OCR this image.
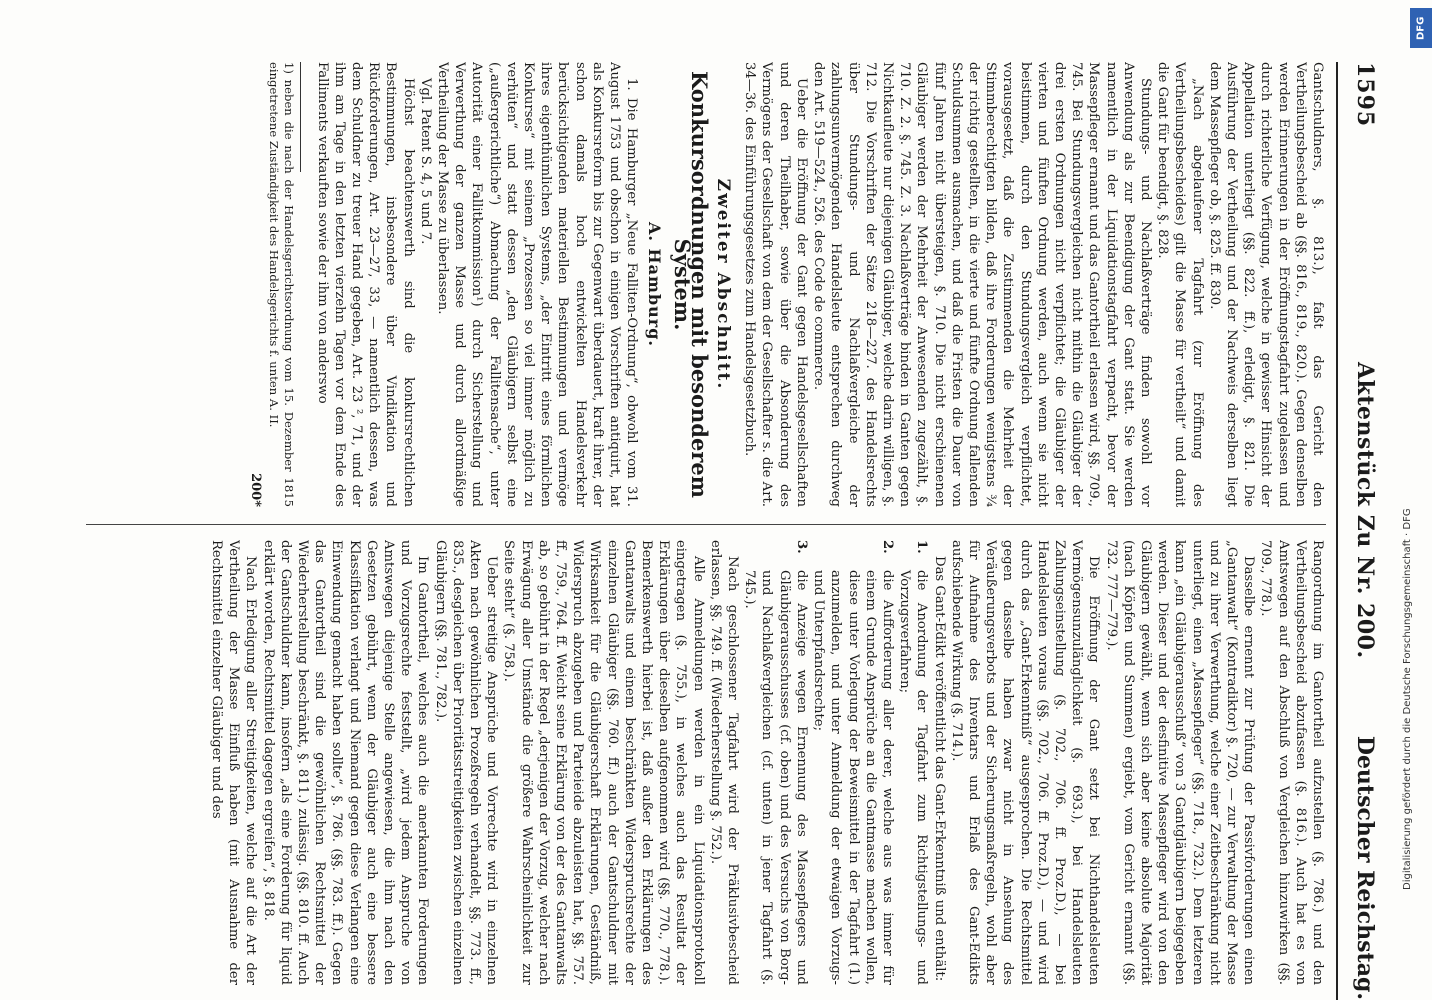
1595
Aktenstück Zu Nr. 200.
Deutscher Reichstag.

Gantschuldners, §. 813.), faßt das Gericht den Vertheilungsbescheid ab (§§. 816., 819., 820.). Gegen denselben werden Erinnerungen in der Eröffnungstagfahrt zugelassen und durch richterliche Verfügung, welche in gewisser Hinsicht der Appellation unterliegt (§§. 822. ff.), erledigt, §. 821. Die Ausführung der Vertheilung und der Nachweis derselben liegt dem Massepfleger ob, §. 825. ff. 830.

„Nach abgelaufener Tagfahrt (zur Eröffnung des Vertheilungsbescheides) gilt die Masse für vertheilt“ und damit die Gant für beendigt, §. 828.

Stundungs- und Nachlaßverträge finden sowohl vor Anwendung als zur Beendigung der Gant statt. Sie werden namentlich in der Liquidationstagfahrt verpacht, bevor der Massepfleger ernannt und das Gantortheil erlassen wird, §§. 709., 745. Bei Stundungsvergleichen nicht mithin die Gläubiger der drei ersten Ordnungen nicht verpflichtet; die Gläubiger der vierten und fünften Ordnung werden, auch wenn sie nicht beistimmen, durch den Stundungsvergleich verpflichtet, vorausgesetzt, daß die Zustimmenden die Mehrheit der Stimmberechtigten bilden, daß ihre Forderungen wenigstens ¾ der richtig gestellten, in die vierte und fünfte Ordnung fallenden Schuldsummen ausmachen, und daß die Fristen die Dauer von fünf Jahren nicht übersteigen, §. 710. Die nicht erschienenen Gläubiger werden der Mehrheit der Anwesenden zugezählt, §. 710. Z. 2. §. 745. Z. 3. Nachlaßverträge binden in Ganten gegen Nichtkaufleute nur diejenigen Gläubiger, welche darin willigen, §. 712. Die Vorschriften der Sätze 218—227. des Handelsrechts über Stundungs- und Nachlaßvergleiche der zahlungsunvermögenden Handelsleute entsprechen durchweg den Art. 519—524., 526. des Code de commerce.

Ueber die Eröffnung der Gant gegen Handelsgesellschaften und deren Theilhaber, sowie über die Absonderung des Vermögens der Gesellschaft von dem der Gesellschafter s. die Art. 34—36. des Einführungsgesetzes zum Handelsgesetzbuch.

Zweiter Abschnitt.
Konkursordnungen mit besonderem System.
A. Hamburg.

1. Die Hamburger „Neue Falliten-Ordnung“, obwohl vom 31. August 1753 und obschon in einigen Vorschriften antiquirt, hat als Konkursreform bis zur Gegenwart überdauert, kraft ihrer, der schon damals hoch entwickelten Handelsverkehr berücksichtigenden materiellen Bestimmungen und vermöge ihres eigenthümlichen Systems, „der Eintritt eines förmlichen Konkurses“ mit seinem „Prozessen so viel immer möglich zu verhüten“ und statt dessen „den Gläubigern selbst eine („außergerichtliche“) Abmachung der Fallitensache“, unter Autorität einer Fallitkommission¹) durch Sicherstellung und Verwerthung der ganzen Masse und durch allordmäßige Vertheilung der Masse zu überlassen.

Vgl. Patent S. 4, 5 und 7.

Höchst beachtenswerth sind die konkursrechtlichen Bestimmungen, insbesondere über Vindikation und Rückforderungen, Art. 23—27, 33, — namentlich dessen, was dem Schuldner zu treuer Hand gegeben, Art. 23 ², 71, und der ihm am Tage in den letzten vierzehn Tagen vor dem Ende des Falliments verkauften sowie der ihm von anderswo

1) neben die nach der Handelsgerichtsordnung vom 15. Dezember 1815 eingetretene Zuständigkeit des Handelsgerichts f. unten A. II.

200*

Rangordnung im Gantortheil aufzustellen (§. 786.) und den Vertheilungsbescheid abzufassen (§. 816.). Auch hat es von Amtswegen auf den Abschluß von Vergleichen hinzuwirken (§§. 709., 778.).

Dasselbe ernennt zur Prüfung der Passivforderungen einen „Gantanwalt“ (Kontradiktor) §. 720, — zur Verwaltung der Masse und zu ihrer Verwerthung, welche einer Zeitbeschränkung nicht unterliegt, einen „Massepfleger“ (§§. 718., 732.). Dem letzteren kann „ein Gläubigerausschuß“ von 3 Gantgläubigern beigegeben werden. Dieser und der desfinitive Massepfleger wird von den Gläubigern gewählt, wenn sich aber keine absolute Majorität (nach Köpfen und Summen) ergiebt, vom Gericht ernannt (§§. 732. 777—779.).

Die Eröffnung der Gant setzt bei Nichthandelsleuten Vermögensunzulänglichkeit (§. 693.), bei Handelsleuten Zahlungseinstellung (§. 702., 706. ff. Proz.D.), — bei Handelsleuten voraus (§§. 702., 706. ff. Proz.D.), — und wird durch das „Gant-Erkenntniß“ ausgesprochen. Die Rechtsmittel gegen dasselbe haben zwar nicht in Ansehung des Veräußerungsverbots und der Sicherungsmaßregeln, wohl aber für Aufnahme des Inventars und Erlaß des Gant-Edikts aufschiebende Wirkung (§. 714.).

Das Gant-Edikt veröffentlicht das Gant-Erkenntniß und enthält:

1.
die Anordnung der Tagfahrt zum Richtigstellungs- und Vorzugsverfahren;
2.
die Aufforderung aller derer, welche aus was immer für einem Grunde Ansprüche an die Gantmasse machen wollen, diese unter Vorlegung der Beweismittel in der Tagfahrt (1.) anzumelden, und unter Anmeldung der etwaigen Vorzugs- und Unterpfandsrechte;
3.
die Anzeige wegen Ernennung des Massepflegers und Gläubigerausschusses (cf. oben) und des Versuchs von Borg- und Nachlaßvergleichen (cf. unten) in jener Tagfahrt (§. 745.).

Nach geschlossener Tagfahrt wird der Präklusivbescheid erlassen, §§. 749. ff. (Wiederherstellung §. 752.).

Alle Anmeldungen werden in ein Liquidationsprotokoll eingetragen (§. 755.), in welches auch das Resultat der Erklärungen über dieselben aufgenommen wird (§§. 770., 778.). Bemerkenswerth hierbei ist, daß außer den Erklärungen des Gantanwalts und einem beschränkten Widerspruchsrechte der einzelnen Gläubiger (§§. 760. ff.) auch der Gantschuldner mit Wirksamkeit für die Gläubigerschaft Erklärungen, Geständniß, Widerspruch abzugeben und Parteieide abzuleisten hat, §§. 757. ff., 759., 764. ff. Weicht seine Erklärung von der des Gantanwalts ab, so gebührt in der Regel „derjenigen der Vorzug, welcher nach Erwägung aller Umstände die größere Wahrscheinlichkeit zur Seite steht“ (§. 758.).

Ueber streitige Ansprüche und Vorrechte wird in einzelnen Akten nach gewöhnlichen Prozeßregeln verhandelt, §§. 773. ff., 835., desgleichen über Prioritätsstreitigkeiten zwischen einzelnen Gläubigern (§§. 781., 782.).

Im Gantortheil, welches auch die anerkannten Forderungen und Vorzugsrechte feststellt, „wird jedem Anspruche von Amtswegen diejenige Stelle angewiesen, die ihm nach den Gesetzen gebührt, wenn der Gläubiger auch eine bessere Klassifikation verlangt und Niemand gegen diese Verlangen eine Einwendung gemacht haben sollte“, §. 786. (§§. 783. ff.). Gegen das Gantortheil sind die gewöhnlichen Rechtsmittel der Wiederherstellung beschränkt, §. 811.) zulässig. (§§. 810. ff. Auch der Gantschuldner kann, insofern „als eine Forderung für liquid erklärt worden, Rechtsmittel dagegen ergreifen“, §. 818.

Nach Erledigung aller Streitigkeiten, welche auf die Art der Vertheilung der Masse Einfluß haben (mit Ausnahme der Rechtsmittel einzelner Gläubiger und des

DFG
Digitalisierung gefördert durch die Deutsche Forschungsgemeinschaft · DFG
